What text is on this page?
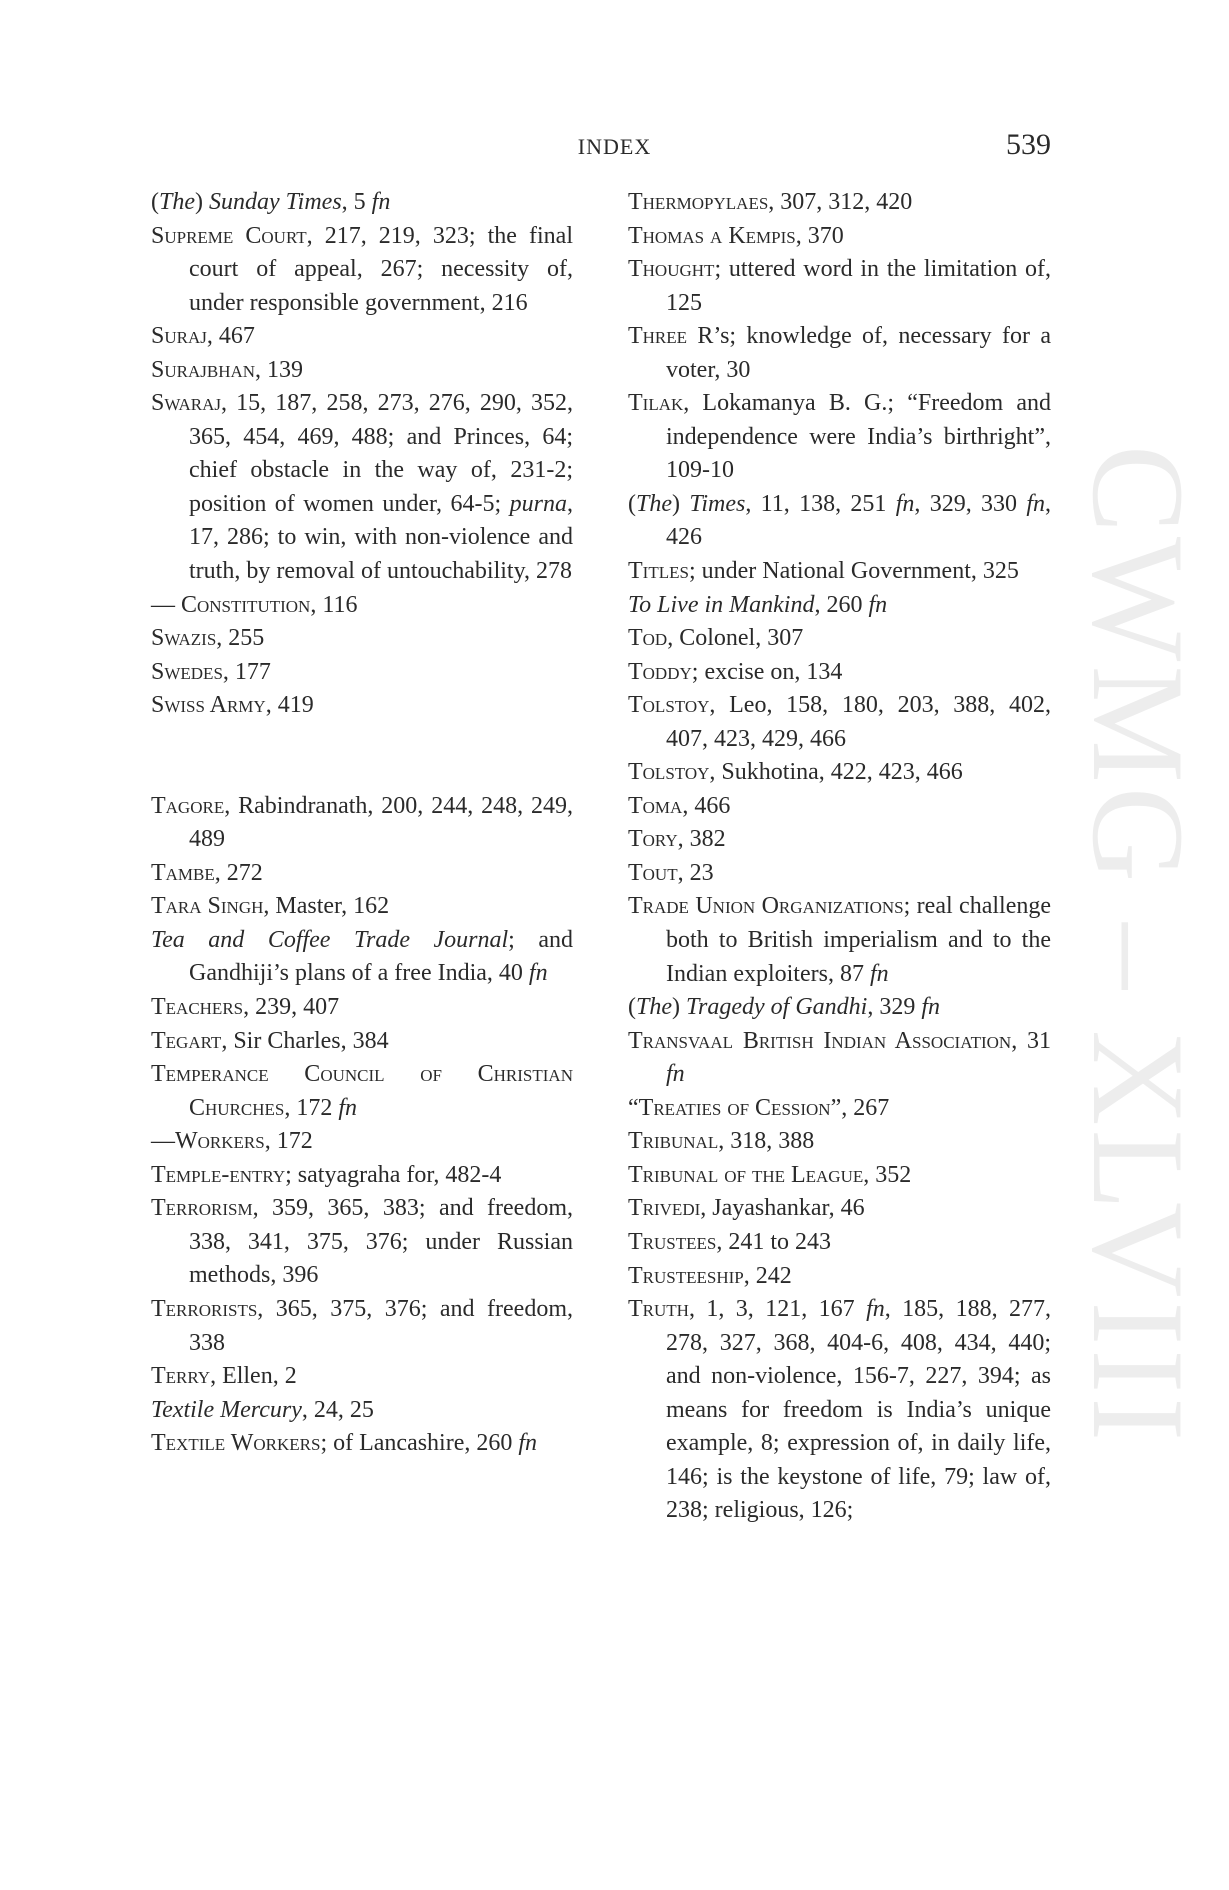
CWMG – XLVIII
INDEX	539
(The) Sunday Times, 5 fn
Supreme Court, 217, 219, 323; the final court of appeal, 267; necessity of, under responsible government, 216
Suraj, 467
Surajbhan, 139
Swaraj, 15, 187, 258, 273, 276, 290, 352, 365, 454, 469, 488; and Princes, 64; chief obstacle in the way of, 231-2; position of women under, 64-5; purna, 17, 286; to win, with non-violence and truth, by removal of untouchability, 278
— Constitution, 116
Swazis, 255
Swedes, 177
Swiss Army, 419
Tagore, Rabindranath, 200, 244, 248, 249, 489
Tambe, 272
Tara Singh, Master, 162
Tea and Coffee Trade Journal; and Gandhiji’s plans of a free India, 40 fn
Teachers, 239, 407
Tegart, Sir Charles, 384
Temperance Council of Christian Churches, 172 fn
—Workers, 172
Temple-entry; satyagraha for, 482-4
Terrorism, 359, 365, 383; and freedom, 338, 341, 375, 376; under Russian methods, 396
Terrorists, 365, 375, 376; and freedom, 338
Terry, Ellen, 2
Textile Mercury, 24, 25
Textile Workers; of Lancashire, 260 fn
Thermopylaes, 307, 312, 420
Thomas a Kempis, 370
Thought; uttered word in the limitation of, 125
Three R’s; knowledge of, necessary for a voter, 30
Tilak, Lokamanya B. G.; “Freedom and independence were India’s birthright”, 109-10
(The) Times, 11, 138, 251 fn, 329, 330 fn, 426
Titles; under National Government, 325
To Live in Mankind, 260 fn
Tod, Colonel, 307
Toddy; excise on, 134
Tolstoy, Leo, 158, 180, 203, 388, 402, 407, 423, 429, 466
Tolstoy, Sukhotina, 422, 423, 466
Toma, 466
Tory, 382
Tout, 23
Trade Union Organizations; real challenge both to British imperialism and to the Indian exploiters, 87 fn
(The) Tragedy of Gandhi, 329 fn
Transvaal British Indian Association, 31 fn
“Treaties of Cession”, 267
Tribunal, 318, 388
Tribunal of the League, 352
Trivedi, Jayashankar, 46
Trustees, 241 to 243
Trusteeship, 242
Truth, 1, 3, 121, 167 fn, 185, 188, 277, 278, 327, 368, 404-6, 408, 434, 440; and non-violence, 156-7, 227, 394; as means for freedom is India’s unique example, 8; expression of, in daily life, 146; is the keystone of life, 79; law of, 238; religious, 126;
